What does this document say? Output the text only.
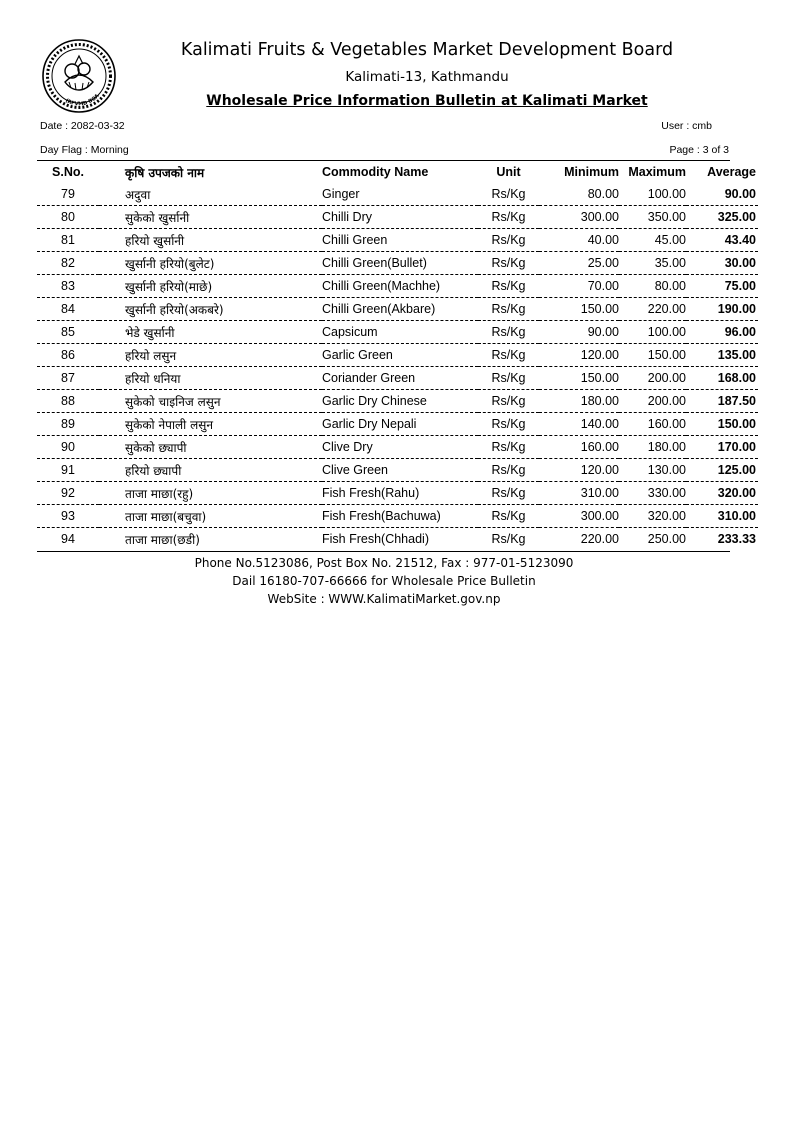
(RFVMD BOA
Kalimati Fruits & Vegetables Market Development Board
Kalimati-13, Kathmandu
Wholesale Price Information Bulletin at Kalimati Market
Date : 2082-03-32	User : cmb
Day Flag : Morning	Page : 3 of 3
S.No.	कृषि उपजको नाम	Commodity Name	Unit	Minimum	Maximum	Average
79	अदुवा	Ginger	Rs/Kg	80.00	100.00	90.00
80	सुकेको खुर्सानी	Chilli Dry	Rs/Kg	300.00	350.00	325.00
81	हरियो खुर्सानी	Chilli Green	Rs/Kg	40.00	45.00	43.40
82	खुर्सानी हरियो(बुलेट)	Chilli Green(Bullet)	Rs/Kg	25.00	35.00	30.00
83	खुर्सानी हरियो(माछे)	Chilli Green(Machhe)	Rs/Kg	70.00	80.00	75.00
84	खुर्सानी हरियो(अकबरे)	Chilli Green(Akbare)	Rs/Kg	150.00	220.00	190.00
85	भेडे खुर्सानी	Capsicum	Rs/Kg	90.00	100.00	96.00
86	हरियो लसुन	Garlic Green	Rs/Kg	120.00	150.00	135.00
87	हरियो धनिया	Coriander Green	Rs/Kg	150.00	200.00	168.00
88	सुकेको चाइनिज लसुन	Garlic Dry Chinese	Rs/Kg	180.00	200.00	187.50
89	सुकेको नेपाली लसुन	Garlic Dry Nepali	Rs/Kg	140.00	160.00	150.00
90	सुकेको छ्यापी	Clive Dry	Rs/Kg	160.00	180.00	170.00
91	हरियो छ्यापी	Clive Green	Rs/Kg	120.00	130.00	125.00
92	ताजा माछा(रहु)	Fish Fresh(Rahu)	Rs/Kg	310.00	330.00	320.00
93	ताजा माछा(बचुवा)	Fish Fresh(Bachuwa)	Rs/Kg	300.00	320.00	310.00
94	ताजा माछा(छडी)	Fish Fresh(Chhadi)	Rs/Kg	220.00	250.00	233.33
Phone No.5123086, Post Box No. 21512, Fax : 977-01-5123090
Dail 16180-707-66666 for Wholesale Price Bulletin
WebSite : WWW.KalimatiMarket.gov.np
